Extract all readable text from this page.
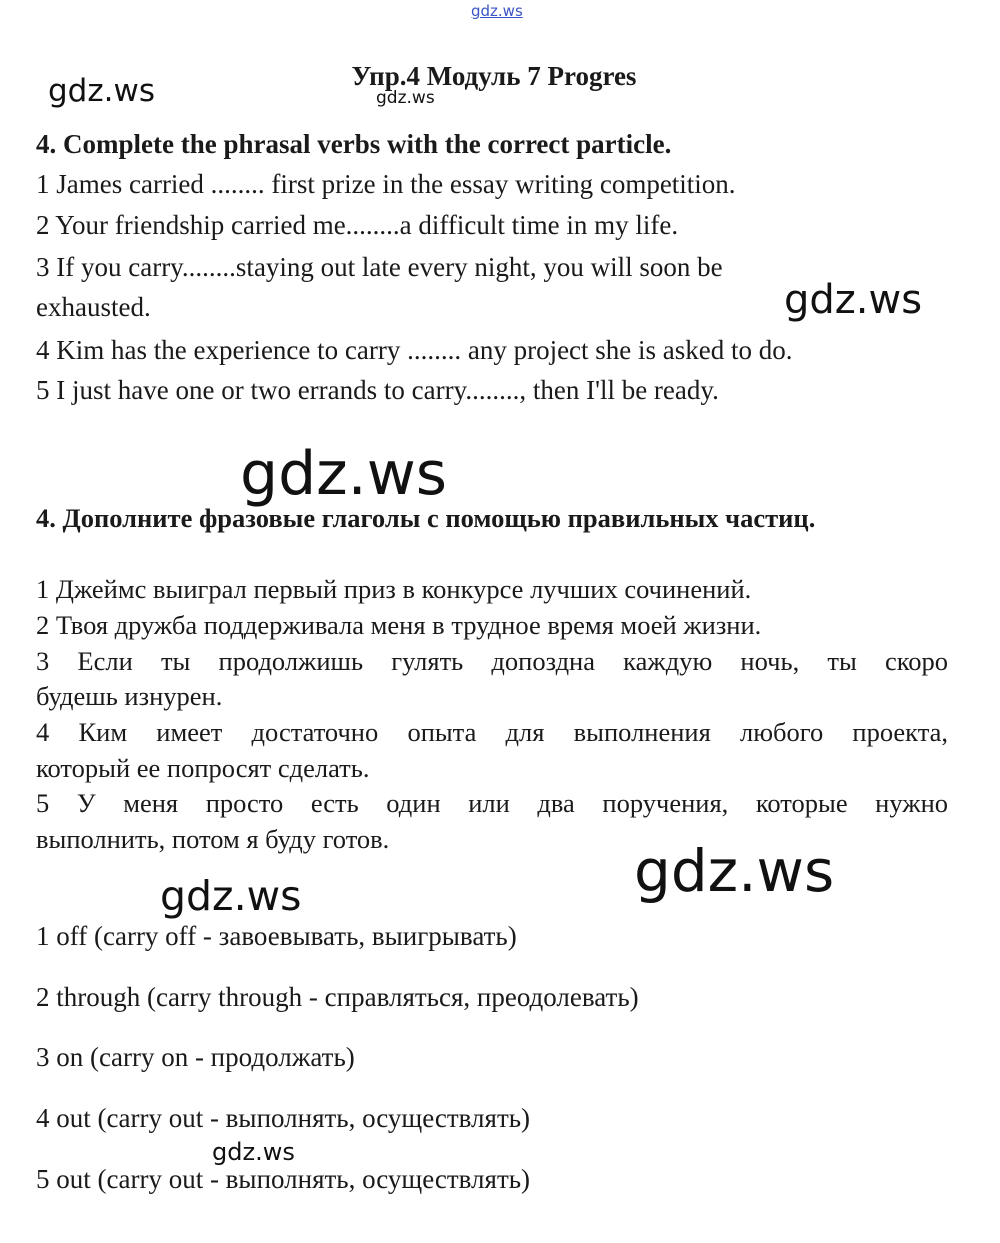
gdz.ws
gdz.ws	gdz.ws
gdz.ws
gdz.ws
gdz.ws
gdz.ws
gdz.ws
Упр.4 Модуль 7 Progres
4. Complete the phrasal verbs with the correct particle.
1 James carried ........ first prize in the essay writing competition.
2 Your friendship carried me........a difficult time in my life.
3 If you carry........staying out late every night, you will soon be
exhausted.
4 Kim has the experience to carry ........ any project she is asked to do.
5 I just have one or two errands to carry........, then I'll be ready.
4. Дополните фразовые глаголы с помощью правильных частиц.
1 Джеймс выиграл первый приз в конкурсе лучших сочинений.
2 Твоя дружба поддерживала меня в трудное время моей жизни.
3 Если ты продолжишь гулять допоздна каждую ночь, ты скоро
будешь изнурен.
4 Ким имеет достаточно опыта для выполнения любого проекта,
который ее попросят сделать.
5 У меня просто есть один или два поручения, которые нужно
выполнить, потом я буду готов.
1 off (carry off - завоевывать, выигрывать)
2 through (carry through - справляться, преодолевать)
3 on (carry on - продолжать)
4 out (carry out - выполнять, осуществлять)
5 out (carry out - выполнять, осуществлять)
